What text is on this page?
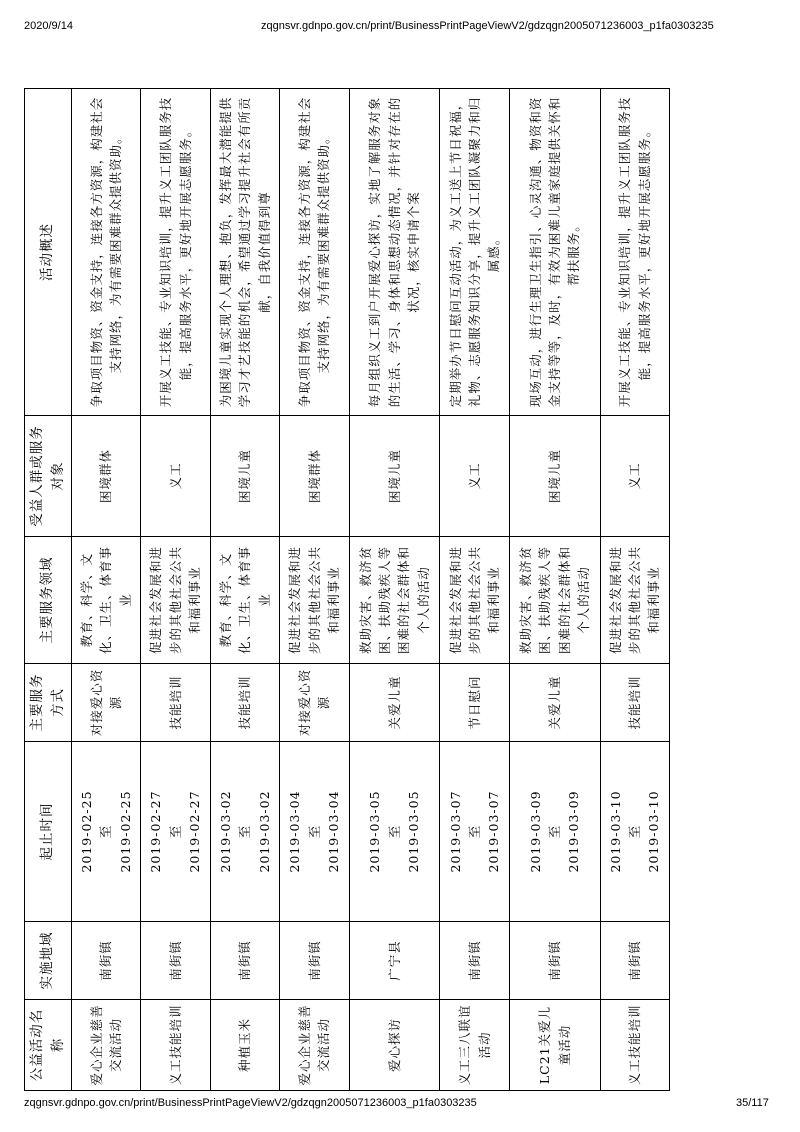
2020/9/14	zqgnsvr.gdnpo.gov.cn/print/BusinessPrintPageViewV2/gdzqgn2005071236003_p1fa0303235
公益活动名称	实施地域	起止时间	主要服务方式	主要服务领域	受益人群或服务对象	活动概述
爱心企业慈善交流活动	南街镇	2019-02-25 至 2019-02-25	对接爱心资源	教育、科学、文化、卫生、体育事业	困境群体	争取项目物资、资金支持，连接各方资源，构建社会支持网络，为有需要困难群众提供资助。
义工技能培训	南街镇	2019-02-27 至 2019-02-27	技能培训	促进社会发展和进步的其他社会公共和福利事业	义工	开展义工技能、专业知识培训，提升义工团队服务技能，提高服务水平，更好地开展志愿服务。
种植玉米	南街镇	2019-03-02 至 2019-03-02	技能培训	教育、科学、文化、卫生、体育事业	困境儿童	为困境儿童实现个人理想、抱负，发挥最大潜能提供学习才艺技能的机会，希望通过学习提升社会有所贡献，自我价值得到尊
爱心企业慈善交流活动	南街镇	2019-03-04 至 2019-03-04	对接爱心资源	促进社会发展和进步的其他社会公共和福利事业	困境群体	争取项目物资、资金支持，连接各方资源，构建社会支持网络，为有需要困难群众提供资助。
爱心探访	广宁县	2019-03-05 至 2019-03-05	关爱儿童	救助灾害、救济贫困、扶助残疾人等困难的社会群体和个人的活动	困境儿童	每月组织义工到户开展爱心探访，实地了解服务对象的生活、学习、身体和思想动态情况，并针对存在的状况，核实申请个案
义工三八联谊活动	南街镇	2019-03-07 至 2019-03-07	节日慰问	促进社会发展和进步的其他社会公共和福利事业	义工	定期举办节日慰问互动活动，为义工送上节日祝福，礼物、志愿服务知识分享，提升义工团队凝聚力和归属感。
LC21关爱儿童活动	南街镇	2019-03-09 至 2019-03-09	关爱儿童	救助灾害、救济贫困、扶助残疾人等困难的社会群体和个人的活动	困境儿童	现场互动，进行生理卫生指引、心灵沟通、物资和资金支持等等，及时，有效为困难儿童家庭提供关怀和帮扶服务。
义工技能培训	南街镇	2019-03-10 至 2019-03-10	技能培训	促进社会发展和进步的其他社会公共和福利事业	义工	开展义工技能、专业知识培训，提升义工团队服务技能，提高服务水平，更好地开展志愿服务。
zqgnsvr.gdnpo.gov.cn/print/BusinessPrintPageViewV2/gdzqgn2005071236003_p1fa0303235	35/117
